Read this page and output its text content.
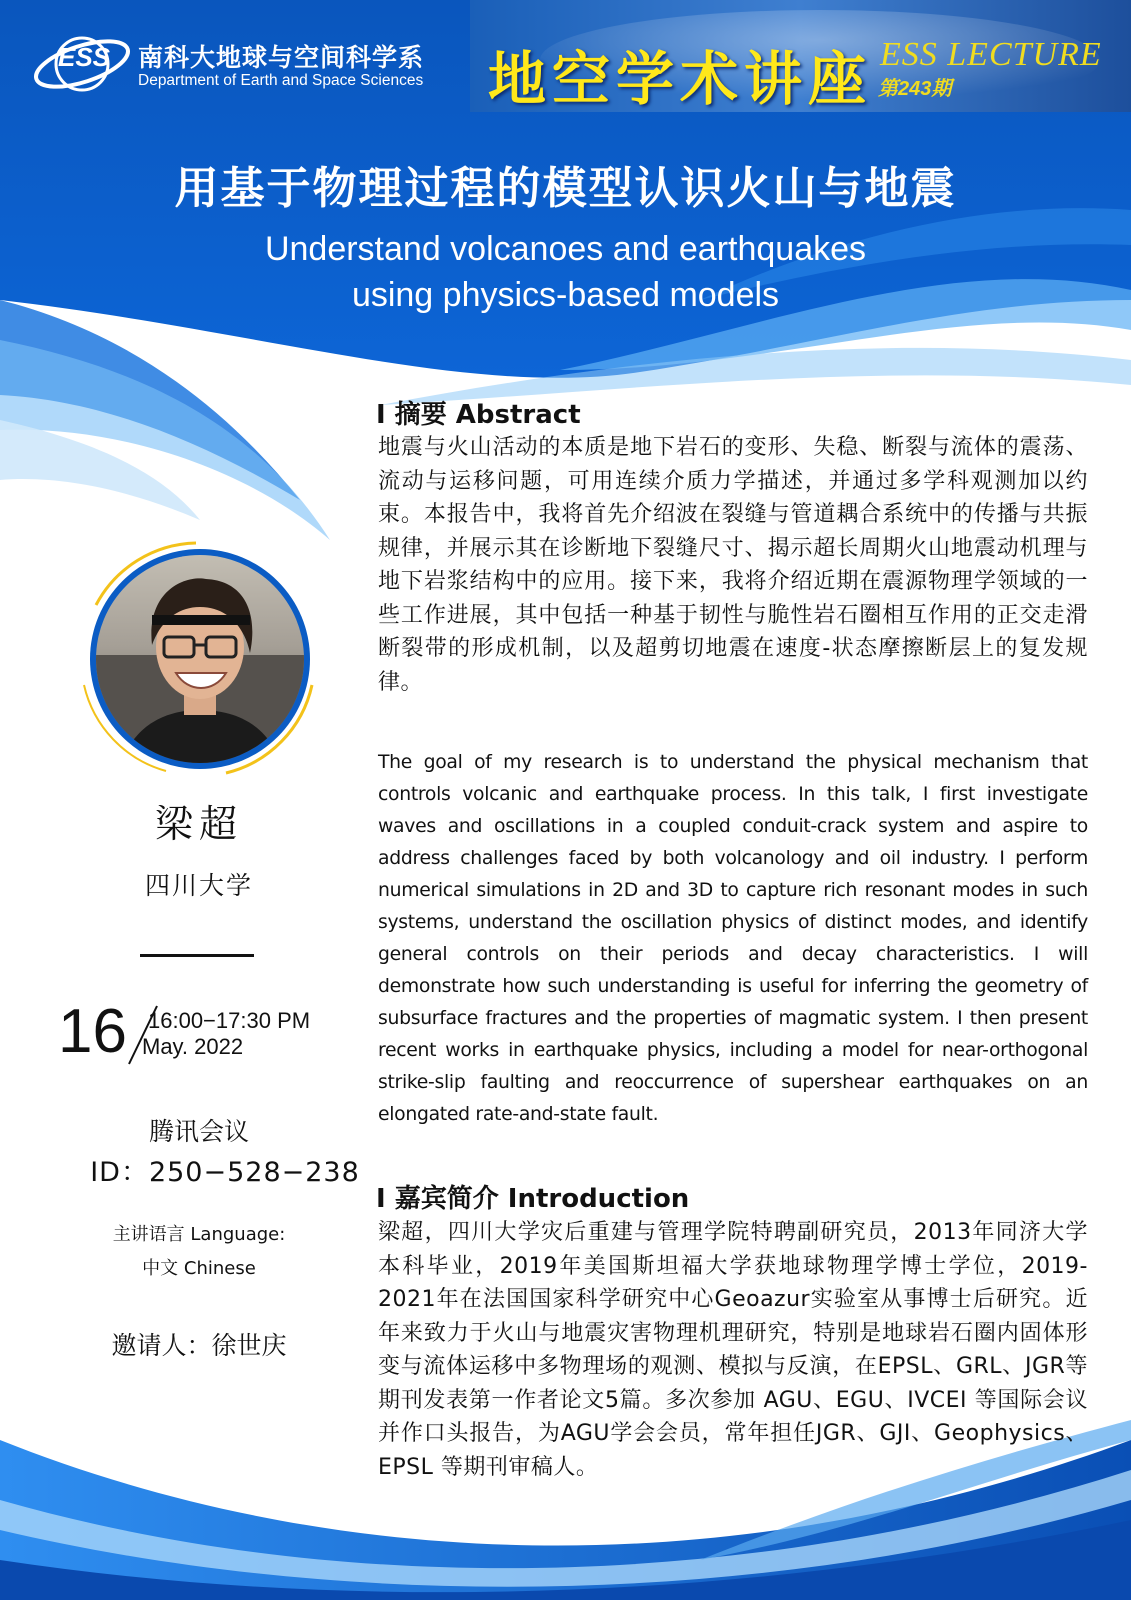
南科大地球与空间科学系
Department of Earth and Space Sciences
ESS	地空学术讲座 ESS LECTURE
第243期
用基于物理过程的模型认识火山与地震
Understand volcanoes and earthquakes
using physics-based models
梁超
四川大学
16 16:00−17:30 PM
May. 2022
腾讯会议
ID：250−528−238
主讲语言 Language:
中文 Chinese
邀请人：徐世庆
I 摘要 Abstract
地震与火山活动的本质是地下岩石的变形、失稳、断裂与流体的震荡、流动与运移问题，可用连续介质力学描述，并通过多学科观测加以约束。本报告中，我将首先介绍波在裂缝与管道耦合系统中的传播与共振规律，并展示其在诊断地下裂缝尺寸、揭示超长周期火山地震动机理与地下岩浆结构中的应用。接下来，我将介绍近期在震源物理学领域的一些工作进展，其中包括一种基于韧性与脆性岩石圈相互作用的正交走滑断裂带的形成机制，以及超剪切地震在速度-状态摩擦断层上的复发规律。
The goal of my research is to understand the physical mechanism that controls volcanic and earthquake process. In this talk, I first investigate waves and oscillations in a coupled conduit-crack system and aspire to address challenges faced by both volcanology and oil industry. I perform numerical simulations in 2D and 3D to capture rich resonant modes in such systems, understand the oscillation physics of distinct modes, and identify general controls on their periods and decay characteristics. I will demonstrate how such understanding is useful for inferring the geometry of subsurface fractures and the properties of magmatic system. I then present recent works in earthquake physics, including a model for near-orthogonal strike-slip faulting and reoccurrence of supershear earthquakes on an elongated rate-and-state fault.
I 嘉宾简介 Introduction
梁超，四川大学灾后重建与管理学院特聘副研究员，2013年同济大学本科毕业，2019年美国斯坦福大学获地球物理学博士学位，2019-2021年在法国国家科学研究中心Geoazur实验室从事博士后研究。近年来致力于火山与地震灾害物理机理研究，特别是地球岩石圈内固体形变与流体运移中多物理场的观测、模拟与反演，在EPSL、GRL、JGR等期刊发表第一作者论文5篇。多次参加 AGU、EGU、IVCEI 等国际会议并作口头报告，为AGU学会会员，常年担任JGR、GJI、Geophysics、EPSL 等期刊审稿人。
